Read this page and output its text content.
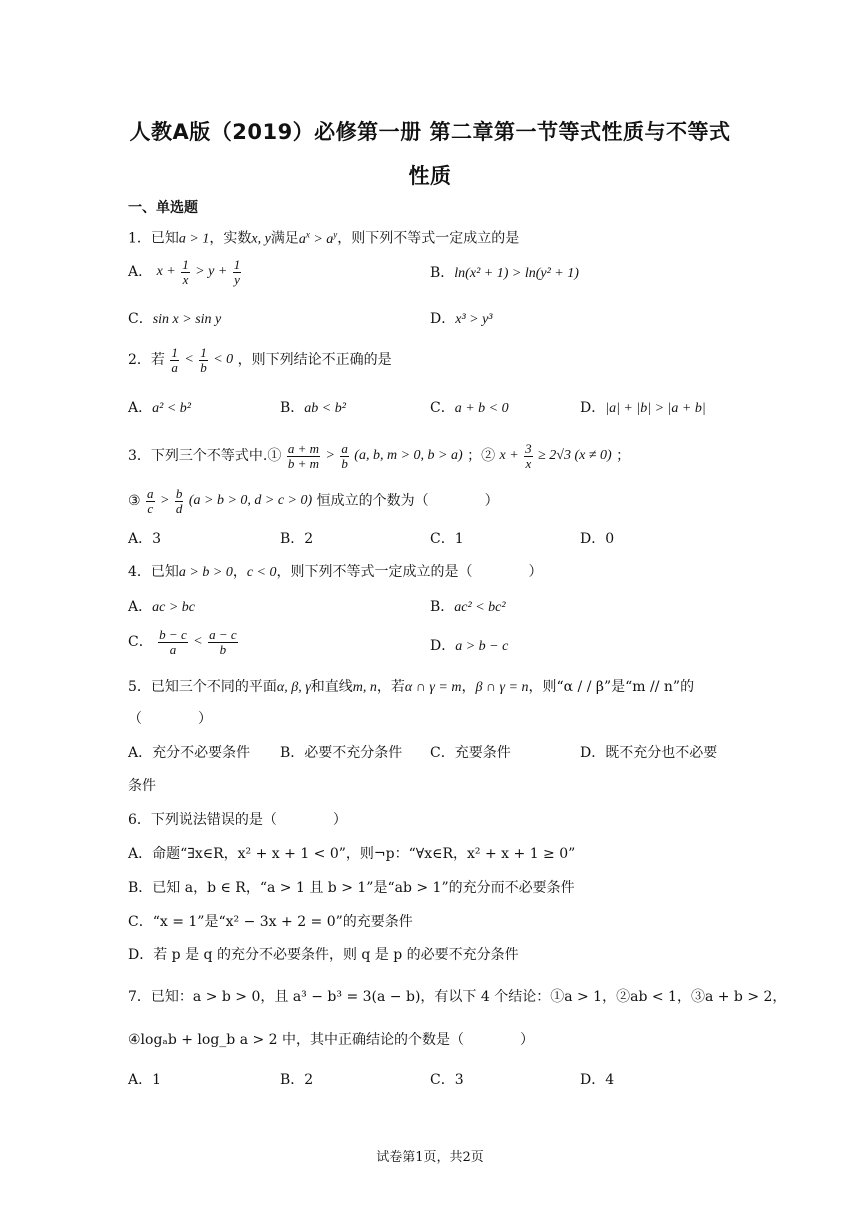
人教A版（2019）必修第一册 第二章第一节等式性质与不等式
性质
一、单选题
1．已知a > 1，实数x, y满足$a^x > a^y$，则下列不等式一定成立的是
A． $x + \frac{1}{x} > y + \frac{1}{y}$	B．ln(x² + 1) > ln(y² + 1)
C．sin x > sin y	D．x³ > y³
2．若 $\frac{1}{a} < \frac{1}{b} < 0$ ，则下列结论不正确的是
A．a² < b²	B．ab < b²	C．a + b < 0	D．|a| + |b| > |a + b|
3．下列三个不等式中.① $\frac{a + m}{b + m} > \frac{a}{b} (a$, b, m > 0, b > a) ；② $x + \frac{3}{x} \ge 2√3$ (x ≠ 0) ；
③ $\frac{a}{c} > \frac{b}{d} (a > b > 0$, d > c > 0) 恒成立的个数为（　　　　）
A．3	B．2	C．1	D．0
4．已知a > b > 0，c < 0，则下列不等式一定成立的是（　　　　）
A．ac > bc	B．ac² < bc²
C． $\frac{b - c}{a} < \frac{a - c}{b}$	D．a > b − c
5．已知三个不同的平面α, β, γ和直线m, n，若α ∩ γ = m，β ∩ γ = n，则“α / / β”是“m // n”的
（　　　　）
A．充分不必要条件 B．必要不充分条件 C．充要条件	D．既不充分也不必要
条件
6．下列说法错误的是（　　　　）
A．命题“∃x∈R，x² + x + 1 < 0”，则¬p：“∀x∈R，x² + x + 1 ≥ 0”
B．已知 a，b ∈ R，“a > 1 且 b > 1”是“ab > 1”的充分而不必要条件
C．“x = 1”是“x² − 3x + 2 = 0”的充要条件
D．若 p 是 q 的充分不必要条件，则 q 是 p 的必要不充分条件
7．已知：a > b > 0，且 a³ − b³ = 3(a − b)，有以下 4 个结论：①a > 1，②ab < 1，③a + b > 2，
④logₐb + log_b a > 2 中，其中正确结论的个数是（　　　　）
A．1	B．2	C．3	D．4
试卷第1页，共2页
